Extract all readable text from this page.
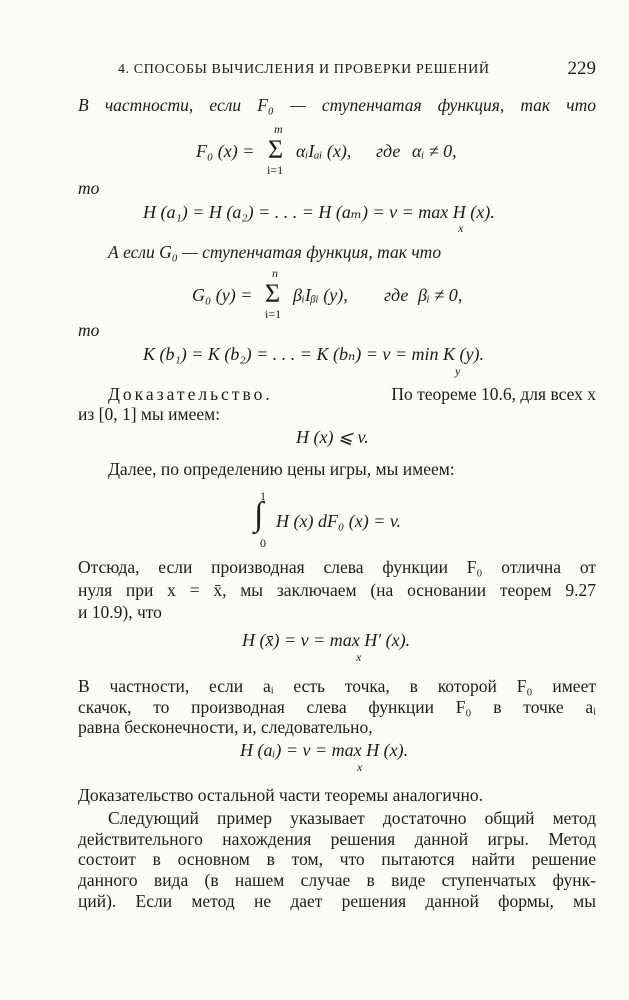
4. СПОСОБЫ ВЫЧИСЛЕНИЯ И ПРОВЕРКИ РЕШЕНИЙ	229
В частности, если F₀ — ступенчатая функция, так что
F₀ (x) =
m
Σ
i=1
αᵢIₐᵢ (x), где αᵢ ≠ 0,
то
H (a₁) = H (a₂) = . . . = H (aₘ) = v = max H (x).
x
А если G₀ — ступенчатая функция, так что
G₀ (y) =
n
Σ
i=1
βᵢIᵦᵢ (y), где βᵢ ≠ 0,
то
K (b₁) = K (b₂) = . . . = K (bₙ) = v = min K (y).
y
Доказательство.	По теореме 10.6, для всех x
из [0, 1] мы имеем:
H (x) ⩽ v.
Далее, по определению цены игры, мы имеем:
1
∫
0
H (x) dF₀ (x) = v.
Отсюда, если производная слева функции F₀ отлична от
нуля при x = x̄, мы заключаем (на основании теорем 9.27
и 10.9), что
H (x̄) = v = max H′ (x).
x
В частности, если aᵢ есть точка, в которой F₀ имеет
скачок, то производная слева функции F₀ в точке aᵢ
равна бесконечности, и, следовательно,
H (aᵢ) = v = max H (x).
x
Доказательство остальной части теоремы аналогично.
Следующий пример указывает достаточно общий метод
действительного нахождения решения данной игры. Метод
состоит в основном в том, что пытаются найти решение
данного вида (в нашем случае в виде ступенчатых функ-
ций). Если метод не дает решения данной формы, мы
